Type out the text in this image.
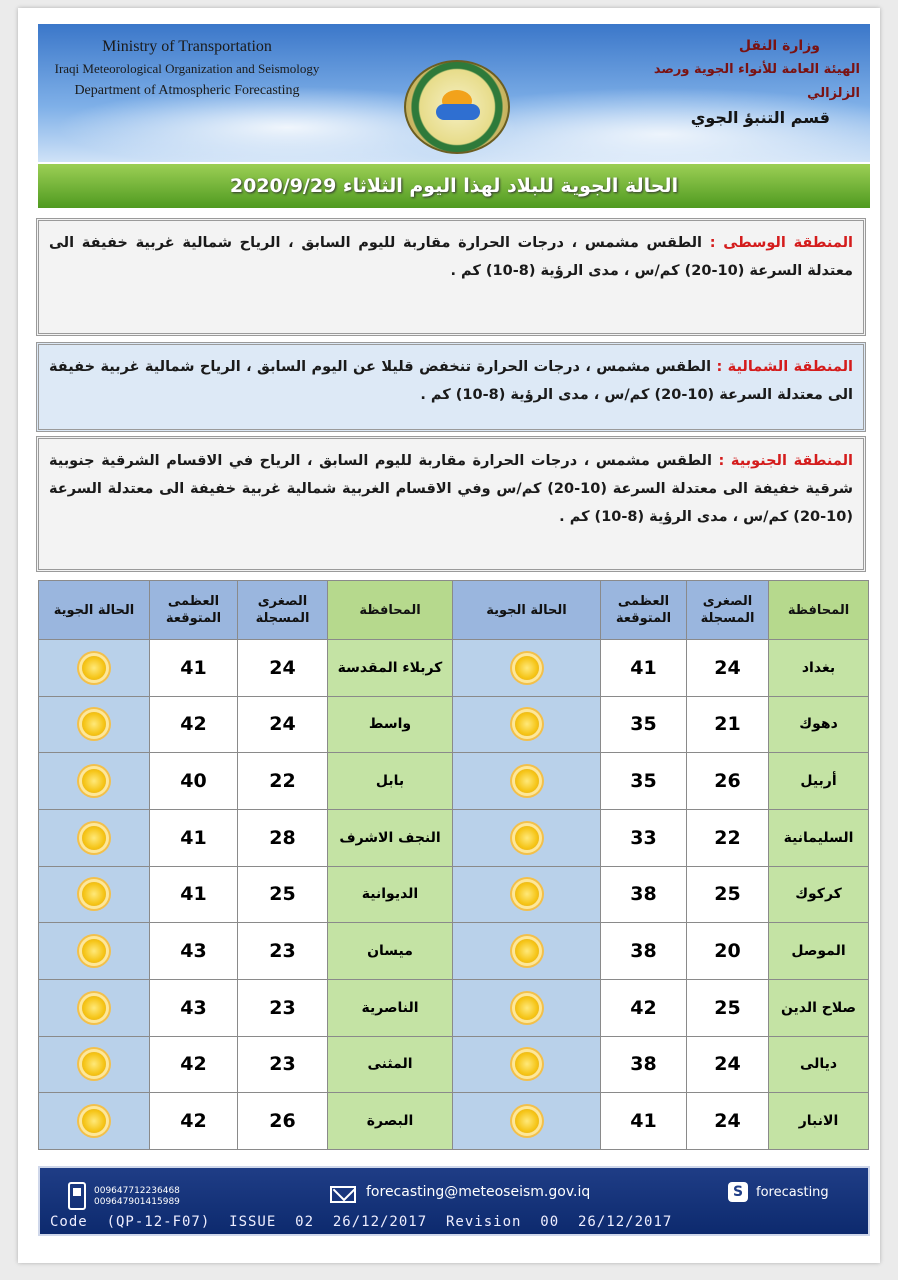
Ministry of Transportation
Iraqi Meteorological Organization and Seismology
Department of Atmospheric Forecasting
وزارة النقل
الهيئة العامة للأنواء الجوية ورصد الزلزالي
قسم التنبؤ الجوي
الحالة الجوية للبلاد لهذا اليوم الثلاثاء 2020/9/29
المنطقة الوسطى : الطقس مشمس ، درجات الحرارة مقاربة لليوم السابق ، الرياح شمالية غربية خفيفة الى معتدلة السرعة (10-20) كم/س ، مدى الرؤية (8-10) كم .
المنطقة الشمالية : الطقس مشمس ، درجات الحرارة تنخفض قليلا عن اليوم السابق ، الرياح شمالية غربية خفيفة الى معتدلة السرعة (10-20) كم/س ، مدى الرؤية (8-10) كم .
المنطقة الجنوبية : الطقس مشمس ، درجات الحرارة مقاربة لليوم السابق ، الرياح في الاقسام الشرقية جنوبية شرقية خفيفة الى معتدلة السرعة (10-20) كم/س وفي الاقسام الغربية شمالية غربية خفيفة الى معتدلة السرعة (10-20) كم/س ، مدى الرؤية (8-10) كم .
المحافظة	الصغرى المسجلة	العظمى المتوقعة	الحالة الجوية	المحافظة	الصغرى المسجلة	العظمى المتوقعة	الحالة الجوية
بغداد	24	41		كربلاء المقدسة	24	41	
دهوك	21	35		واسط	24	42	
أربيل	26	35		بابل	22	40	
السليمانية	22	33		النجف الاشرف	28	41	
كركوك	25	38		الديوانية	25	41	
الموصل	20	38		ميسان	23	43	
صلاح الدين	25	42		الناصرية	23	43	
ديالى	24	38		المثنى	23	42	
الانبار	24	41		البصرة	26	42	
009647712236468
009647901415989
forecasting@meteoseism.gov.iq	S forecasting
Code  (QP-12-F07)  ISSUE  02  26/12/2017  Revision  00  26/12/2017
